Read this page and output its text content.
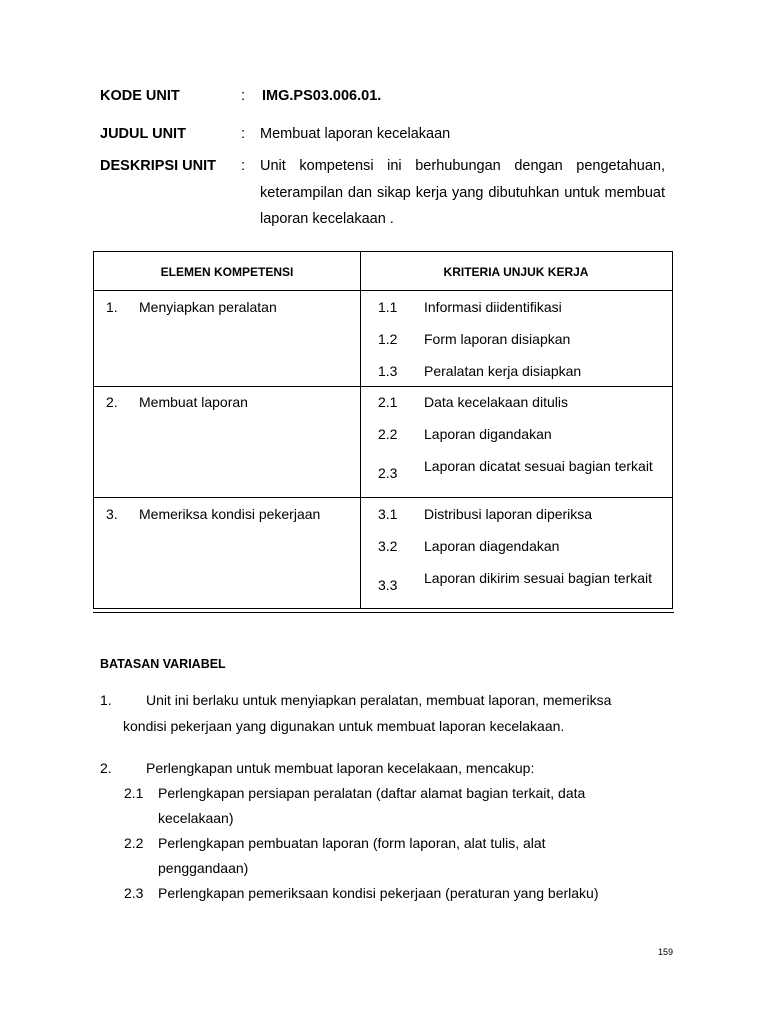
KODE UNIT	: IMG.PS03.006.01.
JUDUL UNIT	: Membuat laporan kecelakaan
DESKRIPSI UNIT : Unit kompetensi ini berhubungan dengan pengetahuan, keterampilan dan sikap kerja yang dibutuhkan untuk membuat laporan kecelakaan .
ELEMEN KOMPETENSI	KRITERIA UNJUK KERJA
1. Menyiapkan peralatan	1.1 Informasi diidentifikasi
1.2 Form laporan disiapkan
1.3 Peralatan kerja disiapkan
2. Membuat laporan	2.1 Data kecelakaan ditulis
2.2 Laporan digandakan
2.3 Laporan dicatat sesuai bagian terkait
3. Memeriksa kondisi pekerjaan	3.1 Distribusi laporan diperiksa
3.2 Laporan diagendakan
3.3 Laporan dikirim sesuai bagian terkait
BATASAN VARIABEL
1. Unit ini berlaku untuk menyiapkan peralatan, membuat laporan, memeriksa
kondisi pekerjaan yang digunakan untuk membuat laporan kecelakaan.
2. Perlengkapan untuk membuat laporan kecelakaan, mencakup:
2.1 Perlengkapan persiapan peralatan (daftar alamat bagian terkait, data
kecelakaan)
2.2 Perlengkapan pembuatan laporan (form laporan, alat tulis, alat
penggandaan)
2.3 Perlengkapan pemeriksaan kondisi pekerjaan (peraturan yang berlaku)
159
